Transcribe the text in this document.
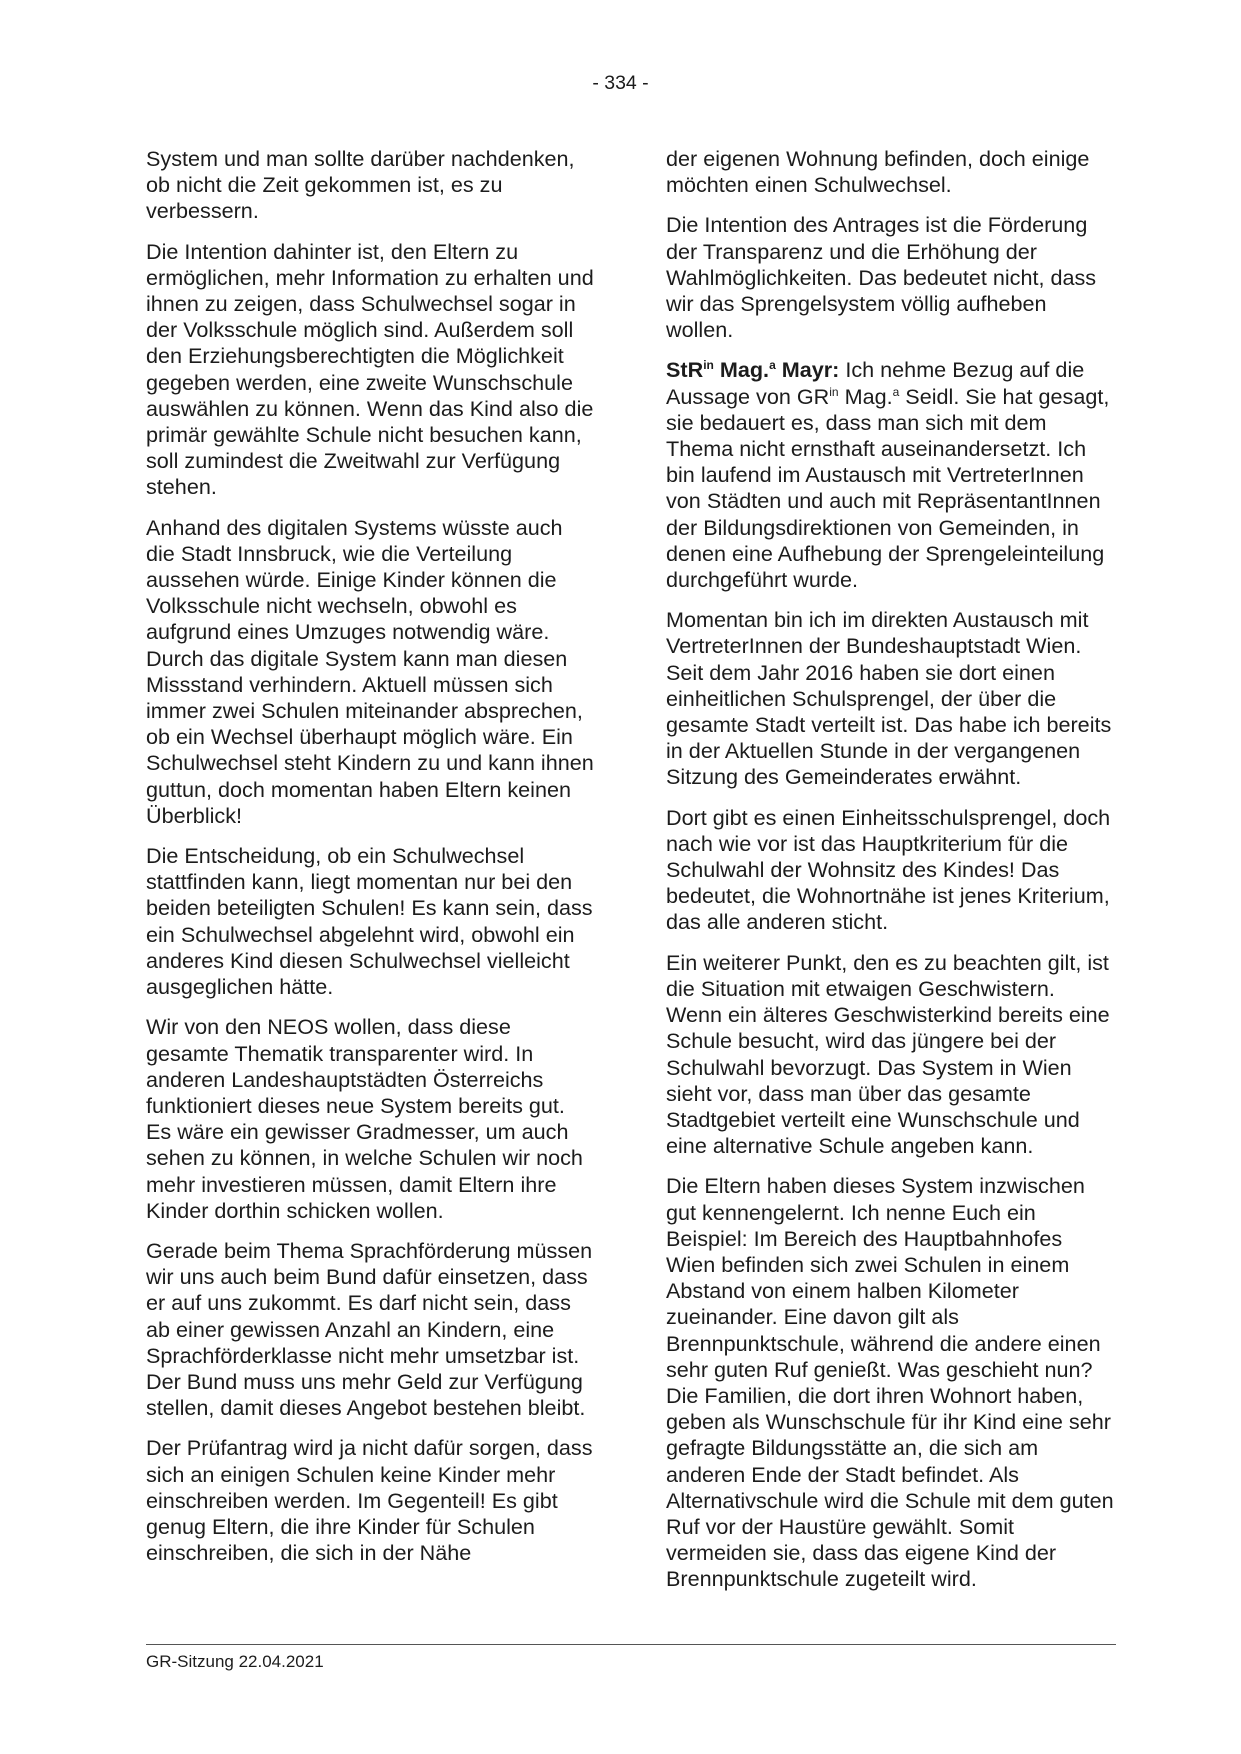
- 334 -

System und man sollte darüber nachdenken, ob nicht die Zeit gekommen ist, es zu verbessern.

Die Intention dahinter ist, den Eltern zu ermöglichen, mehr Information zu erhalten und ihnen zu zeigen, dass Schulwechsel sogar in der Volksschule möglich sind. Außerdem soll den Erziehungsberechtigten die Möglichkeit gegeben werden, eine zweite Wunschschule auswählen zu können. Wenn das Kind also die primär gewählte Schule nicht besuchen kann, soll zumindest die Zweitwahl zur Verfügung stehen.

Anhand des digitalen Systems wüsste auch die Stadt Innsbruck, wie die Verteilung aussehen würde. Einige Kinder können die Volksschule nicht wechseln, obwohl es aufgrund eines Umzuges notwendig wäre. Durch das digitale System kann man diesen Missstand verhindern. Aktuell müssen sich immer zwei Schulen miteinander absprechen, ob ein Wechsel überhaupt möglich wäre. Ein Schulwechsel steht Kindern zu und kann ihnen guttun, doch momentan haben Eltern keinen Überblick!

Die Entscheidung, ob ein Schulwechsel stattfinden kann, liegt momentan nur bei den beiden beteiligten Schulen! Es kann sein, dass ein Schulwechsel abgelehnt wird, obwohl ein anderes Kind diesen Schulwechsel vielleicht ausgeglichen hätte.

Wir von den NEOS wollen, dass diese gesamte Thematik transparenter wird. In anderen Landeshauptstädten Österreichs funktioniert dieses neue System bereits gut. Es wäre ein gewisser Gradmesser, um auch sehen zu können, in welche Schulen wir noch mehr investieren müssen, damit Eltern ihre Kinder dorthin schicken wollen.

Gerade beim Thema Sprachförderung müssen wir uns auch beim Bund dafür einsetzen, dass er auf uns zukommt. Es darf nicht sein, dass ab einer gewissen Anzahl an Kindern, eine Sprachförderklasse nicht mehr umsetzbar ist. Der Bund muss uns mehr Geld zur Verfügung stellen, damit dieses Angebot bestehen bleibt.

Der Prüfantrag wird ja nicht dafür sorgen, dass sich an einigen Schulen keine Kinder mehr einschreiben werden. Im Gegenteil! Es gibt genug Eltern, die ihre Kinder für Schulen einschreiben, die sich in der Nähe

der eigenen Wohnung befinden, doch einige möchten einen Schulwechsel.

Die Intention des Antrages ist die Förderung der Transparenz und die Erhöhung der Wahlmöglichkeiten. Das bedeutet nicht, dass wir das Sprengelsystem völlig aufheben wollen.

StR$^{in}$ Mag.$^a$ Mayr: Ich nehme Bezug auf die Aussage von $GR^{in}$ Mag.$^a$ Seidl. Sie hat gesagt, sie bedauert es, dass man sich mit dem Thema nicht ernsthaft auseinandersetzt. Ich bin laufend im Austausch mit VertreterInnen von Städten und auch mit RepräsentantInnen der Bildungsdirektionen von Gemeinden, in denen eine Aufhebung der Sprengeleinteilung durchgeführt wurde.

Momentan bin ich im direkten Austausch mit VertreterInnen der Bundeshauptstadt Wien. Seit dem Jahr 2016 haben sie dort einen einheitlichen Schulsprengel, der über die gesamte Stadt verteilt ist. Das habe ich bereits in der Aktuellen Stunde in der vergangenen Sitzung des Gemeinderates erwähnt.

Dort gibt es einen Einheitsschulsprengel, doch nach wie vor ist das Hauptkriterium für die Schulwahl der Wohnsitz des Kindes! Das bedeutet, die Wohnortnähe ist jenes Kriterium, das alle anderen sticht.

Ein weiterer Punkt, den es zu beachten gilt, ist die Situation mit etwaigen Geschwistern. Wenn ein älteres Geschwisterkind bereits eine Schule besucht, wird das jüngere bei der Schulwahl bevorzugt. Das System in Wien sieht vor, dass man über das gesamte Stadtgebiet verteilt eine Wunschschule und eine alternative Schule angeben kann.

Die Eltern haben dieses System inzwischen gut kennengelernt. Ich nenne Euch ein Beispiel: Im Bereich des Hauptbahnhofes Wien befinden sich zwei Schulen in einem Abstand von einem halben Kilometer zueinander. Eine davon gilt als Brennpunktschule, während die andere einen sehr guten Ruf genießt. Was geschieht nun? Die Familien, die dort ihren Wohnort haben, geben als Wunschschule für ihr Kind eine sehr gefragte Bildungsstätte an, die sich am anderen Ende der Stadt befindet. Als Alternativschule wird die Schule mit dem guten Ruf vor der Haustüre gewählt. Somit vermeiden sie, dass das eigene Kind der Brennpunktschule zugeteilt wird.

GR-Sitzung 22.04.2021
